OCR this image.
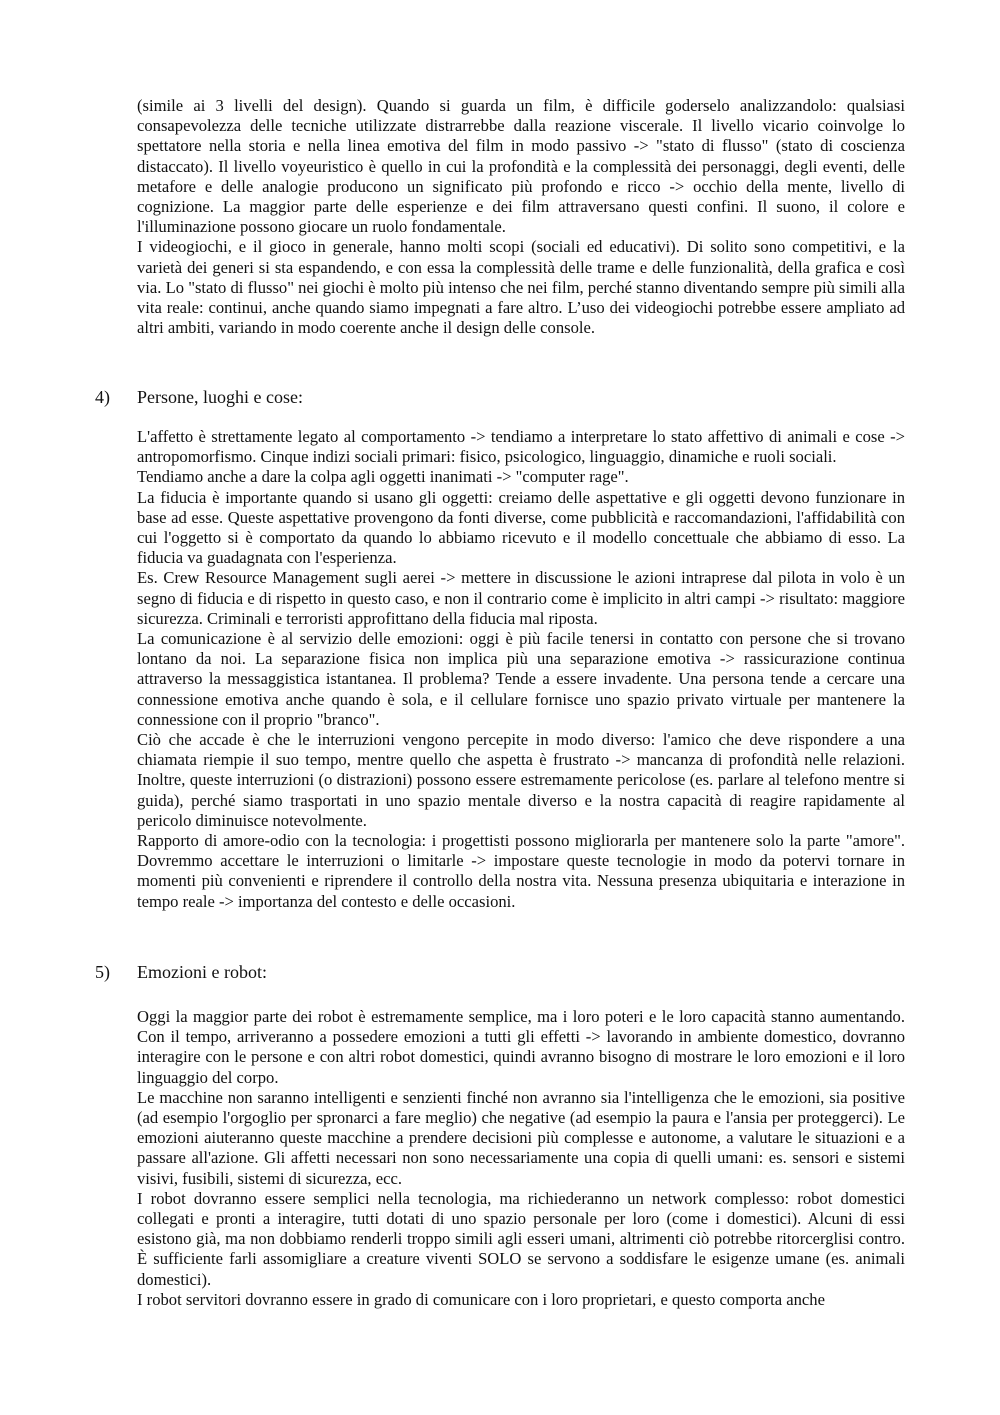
(simile ai 3 livelli del design). Quando si guarda un film, è difficile goderselo analizzandolo: qualsiasi consapevolezza delle tecniche utilizzate distrarrebbe dalla reazione viscerale. Il livello vicario coinvolge lo spettatore nella storia e nella linea emotiva del film in modo passivo -> "stato di flusso" (stato di coscienza distaccato). Il livello voyeuristico è quello in cui la profondità e la complessità dei personaggi, degli eventi, delle metafore e delle analogie producono un significato più profondo e ricco -> occhio della mente, livello di cognizione. La maggior parte delle esperienze e dei film attraversano questi confini. Il suono, il colore e l'illuminazione possono giocare un ruolo fondamentale.

I videogiochi, e il gioco in generale, hanno molti scopi (sociali ed educativi). Di solito sono competitivi, e la varietà dei generi si sta espandendo, e con essa la complessità delle trame e delle funzionalità, della grafica e così via. Lo "stato di flusso" nei giochi è molto più intenso che nei film, perché stanno diventando sempre più simili alla vita reale: continui, anche quando siamo impegnati a fare altro. L’uso dei videogiochi potrebbe essere ampliato ad altri ambiti, variando in modo coerente anche il design delle console.

4) Persone, luoghi e cose:

L'affetto è strettamente legato al comportamento -> tendiamo a interpretare lo stato affettivo di animali e cose -> antropomorfismo. Cinque indizi sociali primari: fisico, psicologico, linguaggio, dinamiche e ruoli sociali.

Tendiamo anche a dare la colpa agli oggetti inanimati -> "computer rage".

La fiducia è importante quando si usano gli oggetti: creiamo delle aspettative e gli oggetti devono funzionare in base ad esse. Queste aspettative provengono da fonti diverse, come pubblicità e raccomandazioni, l'affidabilità con cui l'oggetto si è comportato da quando lo abbiamo ricevuto e il modello concettuale che abbiamo di esso. La fiducia va guadagnata con l'esperienza.

Es. Crew Resource Management sugli aerei -> mettere in discussione le azioni intraprese dal pilota in volo è un segno di fiducia e di rispetto in questo caso, e non il contrario come è implicito in altri campi -> risultato: maggiore sicurezza. Criminali e terroristi approfittano della fiducia mal riposta.

La comunicazione è al servizio delle emozioni: oggi è più facile tenersi in contatto con persone che si trovano lontano da noi. La separazione fisica non implica più una separazione emotiva -> rassicurazione continua attraverso la messaggistica istantanea. Il problema? Tende a essere invadente. Una persona tende a cercare una connessione emotiva anche quando è sola, e il cellulare fornisce uno spazio privato virtuale per mantenere la connessione con il proprio "branco".

Ciò che accade è che le interruzioni vengono percepite in modo diverso: l'amico che deve rispondere a una chiamata riempie il suo tempo, mentre quello che aspetta è frustrato -> mancanza di profondità nelle relazioni. Inoltre, queste interruzioni (o distrazioni) possono essere estremamente pericolose (es. parlare al telefono mentre si guida), perché siamo trasportati in uno spazio mentale diverso e la nostra capacità di reagire rapidamente al pericolo diminuisce notevolmente.

Rapporto di amore-odio con la tecnologia: i progettisti possono migliorarla per mantenere solo la parte "amore". Dovremmo accettare le interruzioni o limitarle -> impostare queste tecnologie in modo da potervi tornare in momenti più convenienti e riprendere il controllo della nostra vita. Nessuna presenza ubiquitaria e interazione in tempo reale -> importanza del contesto e delle occasioni.

5) Emozioni e robot:

Oggi la maggior parte dei robot è estremamente semplice, ma i loro poteri e le loro capacità stanno aumentando. Con il tempo, arriveranno a possedere emozioni a tutti gli effetti -> lavorando in ambiente domestico, dovranno interagire con le persone e con altri robot domestici, quindi avranno bisogno di mostrare le loro emozioni e il loro linguaggio del corpo.

Le macchine non saranno intelligenti e senzienti finché non avranno sia l'intelligenza che le emozioni, sia positive (ad esempio l'orgoglio per spronarci a fare meglio) che negative (ad esempio la paura e l'ansia per proteggerci). Le emozioni aiuteranno queste macchine a prendere decisioni più complesse e autonome, a valutare le situazioni e a passare all'azione. Gli affetti necessari non sono necessariamente una copia di quelli umani: es. sensori e sistemi visivi, fusibili, sistemi di sicurezza, ecc.

I robot dovranno essere semplici nella tecnologia, ma richiederanno un network complesso: robot domestici collegati e pronti a interagire, tutti dotati di uno spazio personale per loro (come i domestici). Alcuni di essi esistono già, ma non dobbiamo renderli troppo simili agli esseri umani, altrimenti ciò potrebbe ritorcerglisi contro. È sufficiente farli assomigliare a creature viventi SOLO se servono a soddisfare le esigenze umane (es. animali domestici).

I robot servitori dovranno essere in grado di comunicare con i loro proprietari, e questo comporta anche
